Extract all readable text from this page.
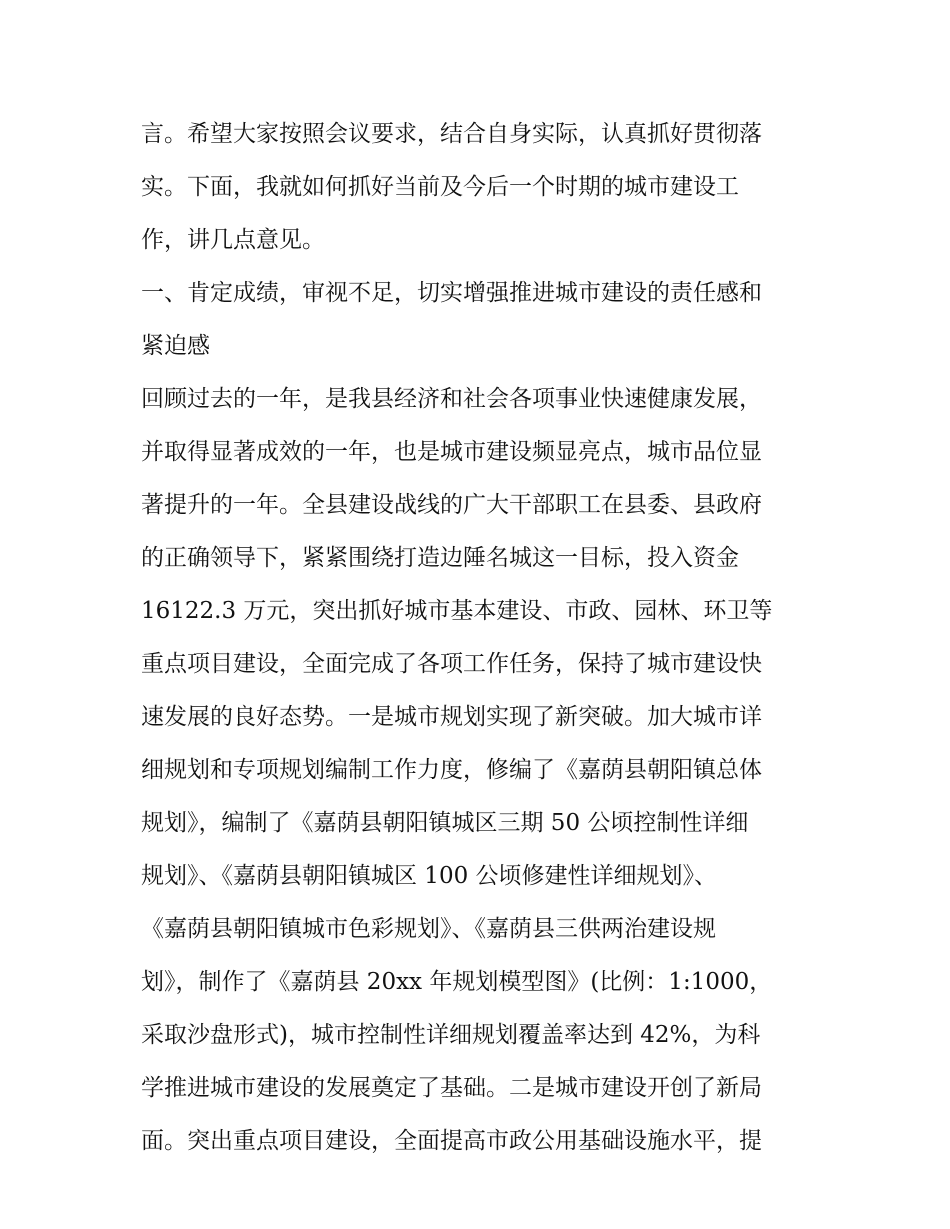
言。希望大家按照会议要求，结合自身实际，认真抓好贯彻落
实。下面，我就如何抓好当前及今后一个时期的城市建设工
作，讲几点意见。
一、肯定成绩，审视不足，切实增强推进城市建设的责任感和
紧迫感
回顾过去的一年，是我县经济和社会各项事业快速健康发展，
并取得显著成效的一年，也是城市建设频显亮点，城市品位显
著提升的一年。全县建设战线的广大干部职工在县委、县政府
的正确领导下，紧紧围绕打造边陲名城这一目标，投入资金
16122.3 万元，突出抓好城市基本建设、市政、园林、环卫等
重点项目建设，全面完成了各项工作任务，保持了城市建设快
速发展的良好态势。一是城市规划实现了新突破。加大城市详
细规划和专项规划编制工作力度，修编了《嘉荫县朝阳镇总体
规划》，编制了《嘉荫县朝阳镇城区三期 50 公顷控制性详细
规划》、《嘉荫县朝阳镇城区 100 公顷修建性详细规划》、
《嘉荫县朝阳镇城市色彩规划》、《嘉荫县三供两治建设规
划》，制作了《嘉荫县 20xx 年规划模型图》(比例：1:1000，
采取沙盘形式)，城市控制性详细规划覆盖率达到 42%，为科
学推进城市建设的发展奠定了基础。二是城市建设开创了新局
面。突出重点项目建设，全面提高市政公用基础设施水平，提
